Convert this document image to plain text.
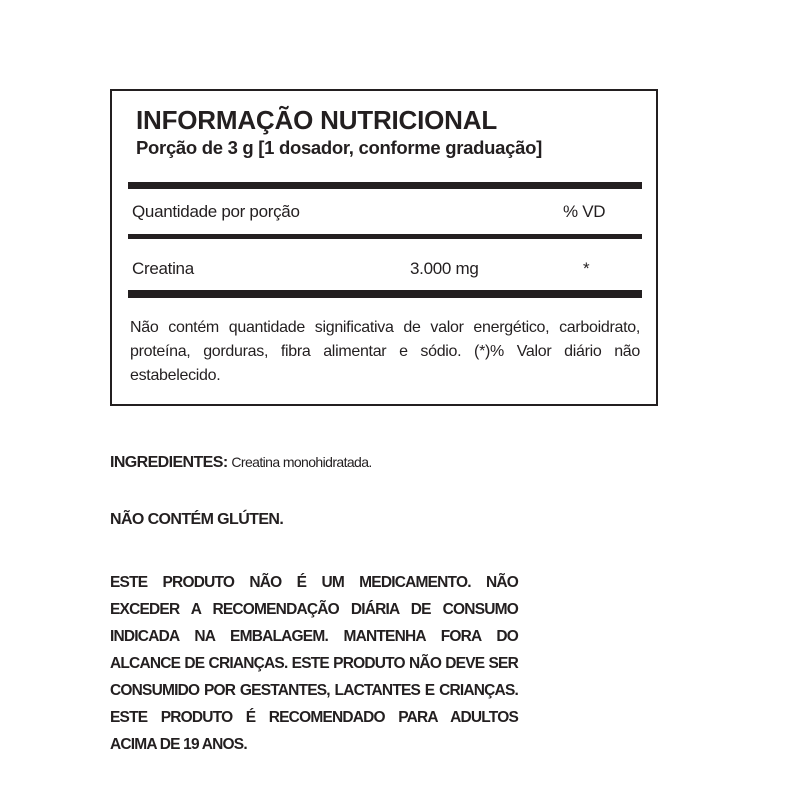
INFORMAÇÃO NUTRICIONAL
Porção de 3 g [1 dosador, conforme graduação]
Quantidade por porção	% VD
Creatina	3.000 mg	*
Não contém quantidade significativa de valor energético, carboidrato, proteína, gorduras, fibra alimentar e sódio. (*)% Valor diário não estabelecido.
INGREDIENTES: Creatina monohidratada.
NÃO CONTÉM GLÚTEN.
ESTE PRODUTO NÃO É UM MEDICAMENTO. NÃO EXCEDER A RECOMENDAÇÃO DIÁRIA DE CONSUMO INDICADA NA EMBALAGEM. MANTENHA FORA DO ALCANCE DE CRIANÇAS. ESTE PRODUTO NÃO DEVE SER CONSUMIDO POR GESTANTES, LACTANTES E CRIANÇAS. ESTE PRODUTO É RECOMENDADO PARA ADULTOS ACIMA DE 19 ANOS.
